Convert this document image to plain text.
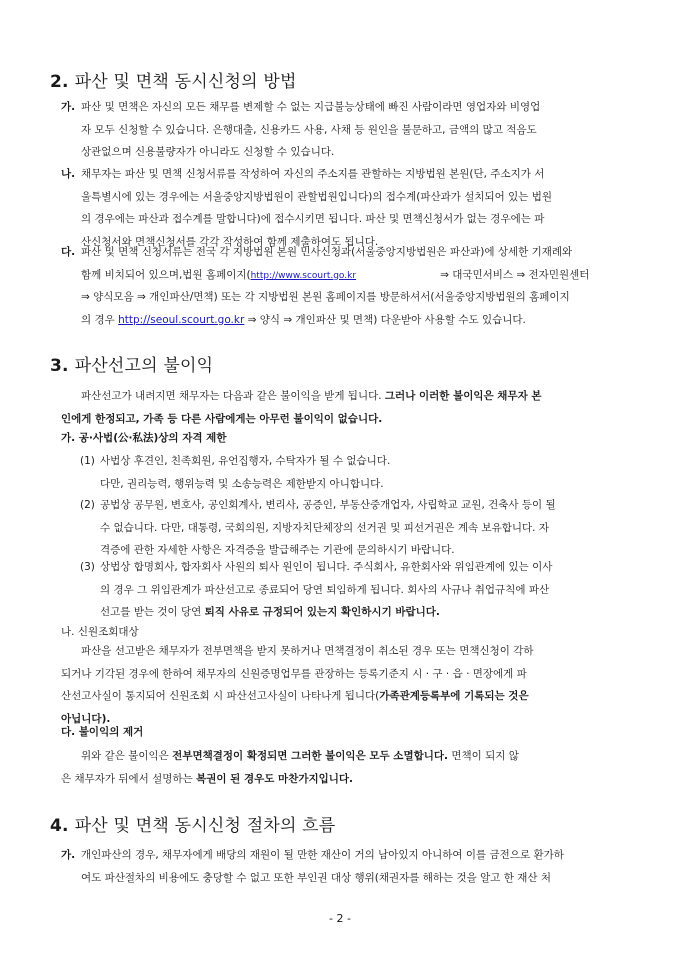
2. 파산 및 면책 동시신청의 방법
가. 파산 및 면책은 자신의 모든 채무를 변제할 수 없는 지급불능상태에 빠진 사람이라면 영업자와 비영업
자 모두 신청할 수 있습니다. 은행대출, 신용카드 사용, 사채 등 원인을 불문하고, 금액의 많고 적음도
상관없으며 신용불량자가 아니라도 신청할 수 있습니다.
나. 채무자는 파산 및 면책 신청서류를 작성하여 자신의 주소지를 관할하는 지방법원 본원(단, 주소지가 서
울특별시에 있는 경우에는 서울중앙지방법원이 관할법원입니다)의 접수계(파산과가 설치되어 있는 법원
의 경우에는 파산과 접수계를 말합니다)에 접수시키면 됩니다. 파산 및 면책신청서가 없는 경우에는 파
산신청서와 면책신청서를 각각 작성하여 함께 제출하여도 됩니다.
다. 파산 및 면책 신청서류는 전국 각 지방법원 본원 민사신청과(서울중앙지방법원은 파산과)에 상세한 기재례와
함께 비치되어 있으며,법원 홈페이지(http://www.scourt.go.kr	⇒ 대국민서비스 ⇒ 전자민원센터
⇒ 양식모음 ⇒ 개인파산/면책) 또는 각 지방법원 본원 홈페이지를 방문하셔서(서울중앙지방법원의 홈페이지
의 경우 http://seoul.scourt.go.kr ⇒ 양식 ⇒ 개인파산 및 면책) 다운받아 사용할 수도 있습니다.
3. 파산선고의 불이익
파산선고가 내려지면 채무자는 다음과 같은 불이익을 받게 됩니다. 그러나 이러한 불이익은 채무자 본
인에게 한정되고, 가족 등 다른 사람에게는 아무런 불이익이 없습니다.
가. 공·사법(公·私法)상의 자격 제한
(1) 사법상 후견인, 친족회원, 유언집행자, 수탁자가 될 수 없습니다.
다만, 권리능력, 행위능력 및 소송능력은 제한받지 아니합니다.
(2) 공법상 공무원, 변호사, 공인회계사, 변리사, 공증인, 부동산중개업자, 사립학교 교원, 건축사 등이 될
수 없습니다. 다만, 대통령, 국회의원, 지방자치단체장의 선거권 및 피선거권은 계속 보유합니다. 자
격증에 관한 자세한 사항은 자격증을 발급해주는 기관에 문의하시기 바랍니다.
(3) 상법상 합명회사, 합자회사 사원의 퇴사 원인이 됩니다. 주식회사, 유한회사와 위임관계에 있는 이사
의 경우 그 위임관계가 파산선고로 종료되어 당연 퇴임하게 됩니다. 회사의 사규나 취업규칙에 파산
선고를 받는 것이 당연 퇴직 사유로 규정되어 있는지 확인하시기 바랍니다.
나. 신원조회대상
파산을 선고받은 채무자가 전부면책을 받지 못하거나 면책결정이 취소된 경우 또는 면책신청이 각하
되거나 기각된 경우에 한하여 채무자의 신원증명업무를 관장하는 등록기준지 시 · 구 · 읍 · 면장에게 파
산선고사실이 통지되어 신원조회 시 파산선고사실이 나타나게 됩니다(가족관계등록부에 기록되는 것은
아닙니다).
다. 불이익의 제거
위와 같은 불이익은 전부면책결정이 확정되면 그러한 불이익은 모두 소멸합니다. 면책이 되지 않
은 채무자가 뒤에서 설명하는 복권이 된 경우도 마찬가지입니다.
4. 파산 및 면책 동시신청 절차의 흐름
가. 개인파산의 경우, 채무자에게 배당의 재원이 될 만한 재산이 거의 남아있지 아니하여 이를 금전으로 환가하
여도 파산절차의 비용에도 충당할 수 없고 또한 부인권 대상 행위(채권자를 해하는 것을 알고 한 재산 처
- 2 -
